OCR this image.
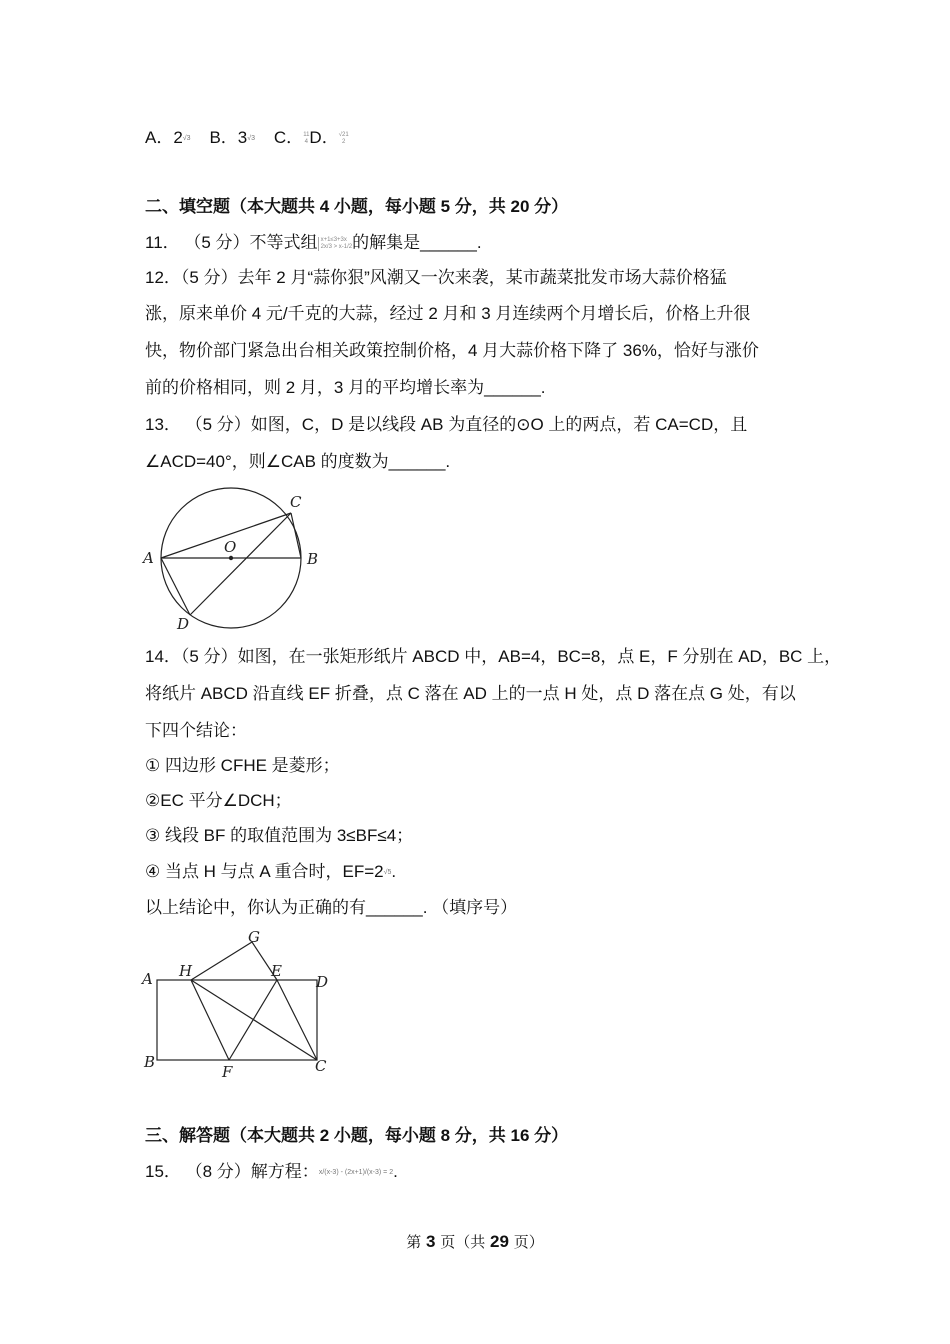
A．2√3 B．3√3 C．11
4D．√21
2
二、填空题（本大题共 4 小题，每小题 5 分，共 20 分）
11． （5 分）不等式组 x+1≤3+3x
2x/3 > x-1/2的解集是______.
12．（5 分）去年 2 月“蒜你狠”风潮又一次来袭，某市蔬菜批发市场大蒜价格猛
涨，原来单价 4 元/千克的大蒜，经过 2 月和 3 月连续两个月增长后，价格上升很
快，物价部门紧急出台相关政策控制价格，4 月大蒜价格下降了 36%，恰好与涨价
前的价格相同，则 2 月，3 月的平均增长率为______.
13． （5 分）如图，C，D 是以线段 AB 为直径的⊙O 上的两点，若 CA=CD，且
∠ACD=40°，则∠CAB 的度数为______.
A	B
C
D
O
14．（5 分）如图，在一张矩形纸片 ABCD 中，AB=4，BC=8，点 E，F 分别在 AD，BC 上，
将纸片 ABCD 沿直线 EF 折叠，点 C 落在 AD 上的一点 H 处，点 D 落在点 G 处，有以
下四个结论：
① 四边形 CFHE 是菱形；
②EC 平分∠DCH；
③ 线段 BF 的取值范围为 3≤BF≤4；
④ 当点 H 与点 A 重合时，EF=2√5.
以上结论中，你认为正确的有______. （填序号）
A
B	C
D
E
F
G
H
三、解答题（本大题共 2 小题，每小题 8 分，共 16 分）
15． （8 分）解方程：x/(x-3) - (2x+1)/(x-3) = 2.
第 3 页（共 29 页）
